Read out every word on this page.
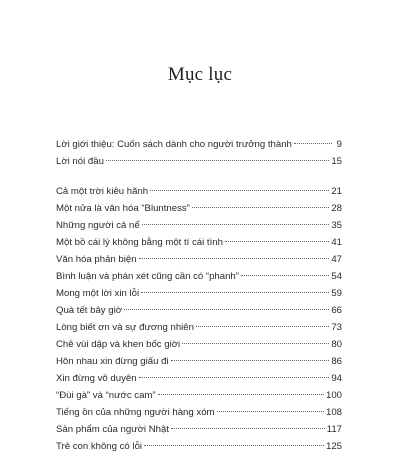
Mục lục
Lời giới thiệu: Cuốn sách dành cho người trưởng thành	9
Lời nói đầu	15
Cả một trời kiêu hãnh	21
Một nửa là văn hóa “Bluntness”	28
Những người cả nể	35
Một bồ cái lý không bằng một tí cái tình	41
Văn hóa phản biện	47
Bình luận và phán xét cũng cần có “phanh”	54
Mong một lời xin lỗi	59
Quà tết bây giờ	66
Lòng biết ơn và sự đương nhiên	73
Chê vùi dập và khen bốc giời	80
Hôn nhau xin đừng giấu đi	86
Xin đừng vô duyên	94
“Đùi gà” và “nước cam”	100
Tiếng ồn của những người hàng xóm	108
Sản phẩm của người Nhật	117
Trẻ con không có lỗi	125
